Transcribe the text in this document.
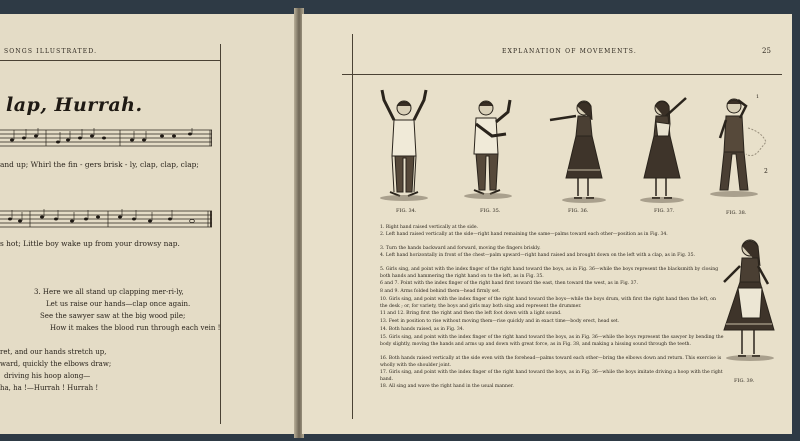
SONGS ILLUSTRATED.
lap, Hurrah.
and up; Whirl the fin - gers brisk - ly, clap, clap, clap;
s hot; Little boy wake up from your drowsy nap.
3. Here we all stand up clapping mer-ri-ly,
Let us raise our hands—clap once again.
See the sawyer saw at the big wood pile;
How it makes the blood run through each vein !
ret, and our hands stretch up,
ward, quickly the elbows draw;
driving his hoop along—
ha, ha !—Hurrah ! Hurrah !
EXPLANATION OF MOVEMENTS.	25
FIG. 34.	FIG. 35.	FIG. 36.	FIG. 37.
1
2
FIG. 38.
FIG. 39.
1. Right hand raised vertically at the side.
2. Left hand raised vertically at the side—right hand remaining the same—palms toward each other—position as in Fig. 34.
3. Turn the hands backward and forward, moving the fingers briskly.
4. Left hand horizontally in front of the chest—palm upward—right hand raised and brought down on the left with a clap, as in Fig. 35.
5. Girls sing, and point with the index finger of the right hand toward the boys, as in Fig. 36—while the boys represent the blacksmith by closing both hands and hammering the right hand on to the left, as in Fig. 35.
6 and 7. Point with the index finger of the right hand first toward the east, then toward the west, as in Fig. 37.
8 and 9. Arms folded behind them—head firmly set.
10. Girls sing, and point with the index finger of the right hand toward the boys—while the boys drum, with first the right hand then the left, on the desk ; or, for variety, the boys and girls may both sing and represent the drummer.
11 and 12. Bring first the right and then the left foot down with a light sound.
13. Feet in position to rise without moving them—rise quickly and in exact time—body erect, head set.
14. Both hands raised, as in Fig. 34.
15. Girls sing, and point with the index finger of the right hand toward the boys, as in Fig. 36—while the boys represent the sawyer by bending the body slightly, moving the hands and arms up and down with great force, as in Fig. 38, and making a hissing sound through the teeth.
16. Both hands raised vertically at the side even with the forehead—palms toward each other—bring the elbows down and return. This exercise is wholly with the shoulder joint.
17. Girls sing, and point with the index finger of the right hand toward the boys, as in Fig. 36—while the boys imitate driving a hoop with the right hand.
18. All sing and wave the right hand in the usual manner.
